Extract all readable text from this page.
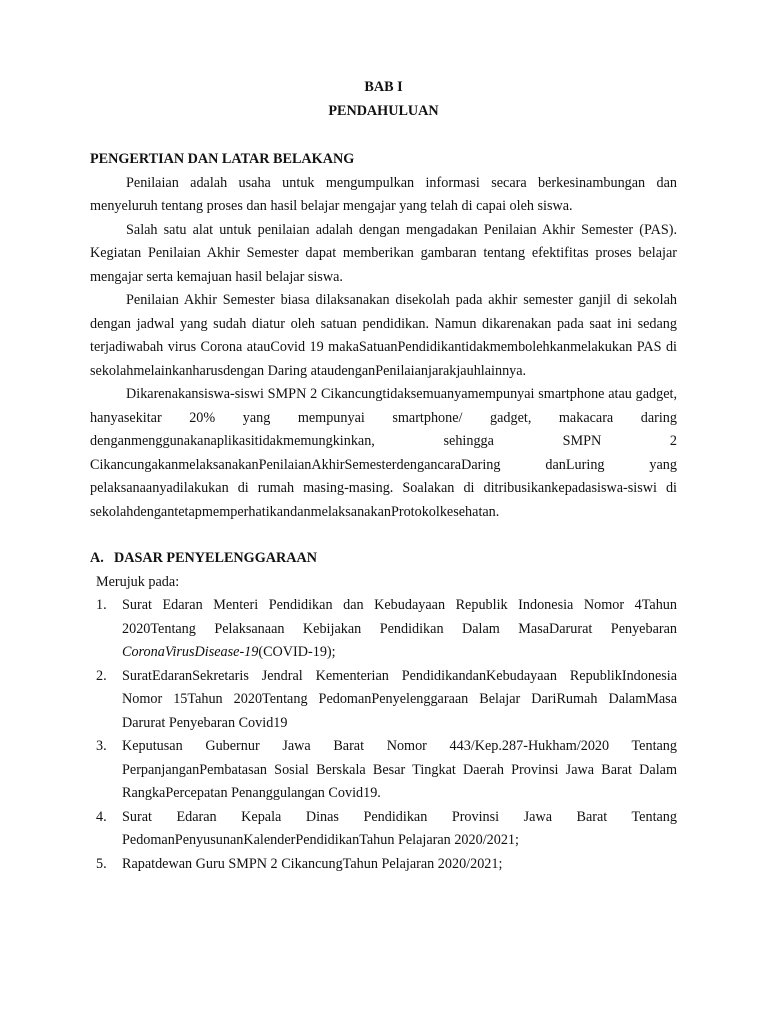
BAB I
PENDAHULUAN
PENGERTIAN DAN LATAR BELAKANG

Penilaian adalah usaha untuk mengumpulkan informasi secara berkesinambungan dan menyeluruh tentang proses dan hasil belajar mengajar yang telah di capai oleh siswa.

Salah satu alat untuk penilaian adalah dengan mengadakan Penilaian Akhir Semester (PAS). Kegiatan Penilaian Akhir Semester dapat memberikan gambaran tentang efektifitas proses belajar mengajar serta kemajuan hasil belajar siswa.

Penilaian Akhir Semester biasa dilaksanakan disekolah pada akhir semester ganjil di sekolah dengan jadwal yang sudah diatur oleh satuan pendidikan. Namun dikarenakan pada saat ini sedang terjadiwabah virus Corona atauCovid 19 makaSatuanPendidikantidakmembolehkanmelakukan PAS di sekolahmelainkanharusdengan Daring ataudenganPenilaianjarakjauhlainnya.

Dikarenakansiswa-siswi SMPN 2 Cikancungtidaksemuanyamempunyai smartphone atau gadget, hanyasekitar 20% yang mempunyai smartphone/ gadget, makacara daring denganmenggunakanaplikasitidakmemungkinkan, sehingga SMPN 2 CikancungakanmelaksanakanPenilaianAkhirSemesterdengancaraDaring danLuring yang pelaksanaanyadilakukan di rumah masing-masing. Soalakan di ditribusikankepadasiswa-siswi di sekolahdengantetapmemperhatikandanmelaksanakanProtokolkesehatan.

A. DASAR PENYELENGGARAAN
Merujuk pada:
1. Surat Edaran Menteri Pendidikan dan Kebudayaan Republik Indonesia Nomor 4Tahun 2020Tentang Pelaksanaan Kebijakan Pendidikan Dalam MasaDarurat Penyebaran CoronaVirusDisease-19(COVID-19);
2. SuratEdaranSekretaris Jendral Kementerian PendidikandanKebudayaan RepublikIndonesia Nomor 15Tahun 2020Tentang PedomanPenyelenggaraan Belajar DariRumah DalamMasa Darurat Penyebaran Covid19
3. Keputusan Gubernur Jawa Barat Nomor 443/Kep.287-Hukham/2020 Tentang PerpanjanganPembatasan Sosial Berskala Besar Tingkat Daerah Provinsi Jawa Barat Dalam RangkaPercepatan Penanggulangan Covid19.
4. Surat Edaran Kepala Dinas Pendidikan Provinsi Jawa Barat Tentang PedomanPenyusunanKalenderPendidikanTahun Pelajaran 2020/2021;
5. Rapatdewan Guru SMPN 2 CikancungTahun Pelajaran 2020/2021;
